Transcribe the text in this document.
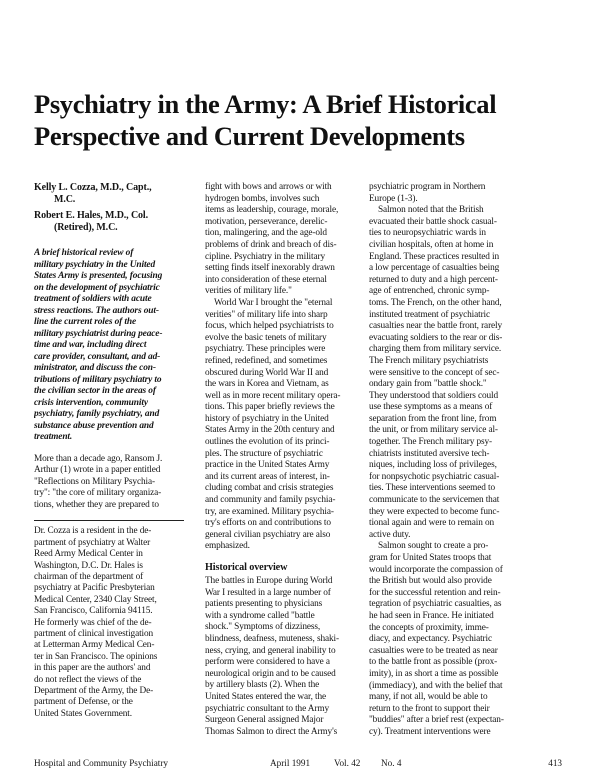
Psychiatry in the Army: A Brief Historical
Perspective and Current Developments
Kelly L. Cozza, M.D., Capt.,
M.C.
Robert E. Hales, M.D., Col.
(Retired), M.C.
A brief historical review of
military psychiatry in the United
States Army is presented, focusing
on the development of psychiatric
treatment of soldiers with acute
stress reactions. The authors out-
line the current roles of the
military psychiatrist during peace-
time and war, including direct
care provider, consultant, and ad-
ministrator, and discuss the con-
tributions of military psychiatry to
the civilian sector in the areas of
crisis intervention, community
psychiatry, family psychiatry, and
substance abuse prevention and
treatment.
More than a decade ago, Ransom J.
Arthur (1) wrote in a paper entitled
"Reflections on Military Psychia-
try": "the core of military organiza-
tions, whether they are prepared to
Dr. Cozza is a resident in the de-
partment of psychiatry at Walter
Reed Army Medical Center in
Washington, D.C. Dr. Hales is
chairman of the department of
psychiatry at Pacific Presbyterian
Medical Center, 2340 Clay Street,
San Francisco, California 94115.
He formerly was chief of the de-
partment of clinical investigation
at Letterman Army Medical Cen-
ter in San Francisco. The opinions
in this paper are the authors' and
do not reflect the views of the
Department of the Army, the De-
partment of Defense, or the
United States Government.
fight with bows and arrows or with
hydrogen bombs, involves such
items as leadership, courage, morale,
motivation, perseverance, derelic-
tion, malingering, and the age-old
problems of drink and breach of dis-
cipline. Psychiatry in the military
setting finds itself inexorably drawn
into consideration of these eternal
verities of military life."
World War I brought the "eternal
verities" of military life into sharp
focus, which helped psychiatrists to
evolve the basic tenets of military
psychiatry. These principles were
refined, redefined, and sometimes
obscured during World War II and
the wars in Korea and Vietnam, as
well as in more recent military opera-
tions. This paper briefly reviews the
history of psychiatry in the United
States Army in the 20th century and
outlines the evolution of its princi-
ples. The structure of psychiatric
practice in the United States Army
and its current areas of interest, in-
cluding combat and crisis strategies
and community and family psychia-
try, are examined. Military psychia-
try's efforts on and contributions to
general civilian psychiatry are also
emphasized.
Historical overview
The battles in Europe during World
War I resulted in a large number of
patients presenting to physicians
with a syndrome called "battle
shock." Symptoms of dizziness,
blindness, deafness, muteness, shaki-
ness, crying, and general inability to
perform were considered to have a
neurological origin and to be caused
by artillery blasts (2). When the
United States entered the war, the
psychiatric consultant to the Army
Surgeon General assigned Major
Thomas Salmon to direct the Army's
psychiatric program in Northern
Europe (1-3).
Salmon noted that the British
evacuated their battle shock casual-
ties to neuropsychiatric wards in
civilian hospitals, often at home in
England. These practices resulted in
a low percentage of casualties being
returned to duty and a high percent-
age of entrenched, chronic symp-
toms. The French, on the other hand,
instituted treatment of psychiatric
casualties near the battle front, rarely
evacuating soldiers to the rear or dis-
charging them from military service.
The French military psychiatrists
were sensitive to the concept of sec-
ondary gain from "battle shock."
They understood that soldiers could
use these symptoms as a means of
separation from the front line, from
the unit, or from military service al-
together. The French military psy-
chiatrists instituted aversive tech-
niques, including loss of privileges,
for nonpsychotic psychiatric casual-
ties. These interventions seemed to
communicate to the servicemen that
they were expected to become func-
tional again and were to remain on
active duty.
Salmon sought to create a pro-
gram for United States troops that
would incorporate the compassion of
the British but would also provide
for the successful retention and rein-
tegration of psychiatric casualties, as
he had seen in France. He initiated
the concepts of proximity, imme-
diacy, and expectancy. Psychiatric
casualties were to be treated as near
to the battle front as possible (prox-
imity), in as short a time as possible
(immediacy), and with the belief that
many, if not all, would be able to
return to the front to support their
"buddies" after a brief rest (expectan-
cy). Treatment interventions were
Hospital and Community Psychiatry	April 1991	Vol. 42 No. 4	413
